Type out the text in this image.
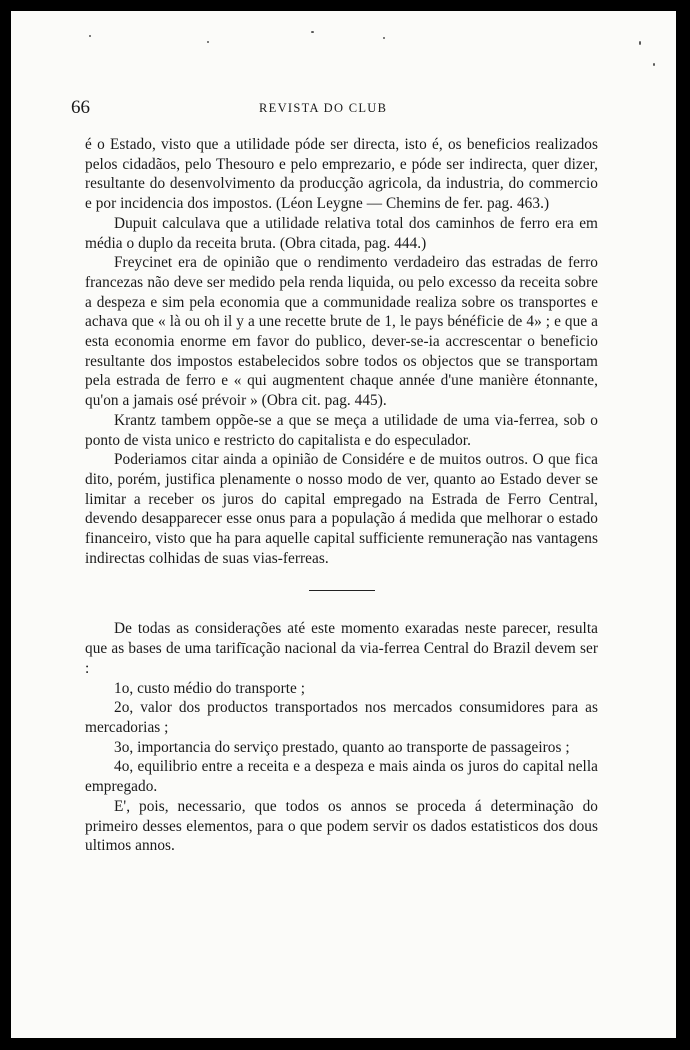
66	REVISTA DO CLUB

é o Estado, visto que a utilidade póde ser directa, isto é, os beneficios realizados pelos cidadãos, pelo Thesouro e pelo emprezario, e póde ser indirecta, quer dizer, resultante do desenvolvimento da producção agricola, da industria, do commercio e por incidencia dos impostos. (Léon Leygne — Chemins de fer. pag. 463.)

Dupuit calculava que a utilidade relativa total dos caminhos de ferro era em média o duplo da receita bruta. (Obra citada, pag. 444.)

Freycinet era de opinião que o rendimento verdadeiro das estradas de ferro francezas não deve ser medido pela renda liquida, ou pelo excesso da receita sobre a despeza e sim pela economia que a communidade realiza sobre os transportes e achava que « là ou oh il y a une recette brute de 1, le pays bénéficie de 4» ; e que a esta economia enorme em favor do publico, dever-se-ia accrescentar o beneficio resultante dos impostos estabelecidos sobre todos os objectos que se transportam pela estrada de ferro e « qui augmentent chaque année d'une manière étonnante, qu'on a jamais osé prévoir » (Obra cit. pag. 445).

Krantz tambem oppõe-se a que se meça a utilidade de uma via-ferrea, sob o ponto de vista unico e restricto do capitalista e do especulador.

Poderiamos citar ainda a opinião de Considére e de muitos outros. O que fica dito, porém, justifica plenamente o nosso modo de ver, quanto ao Estado dever se limitar a receber os juros do capital empregado na Estrada de Ferro Central, devendo desapparecer esse onus para a população á medida que melhorar o estado financeiro, visto que ha para aquelle capital sufficiente remuneração nas vantagens indirectas colhidas de suas vias-ferreas.

De todas as considerações até este momento exaradas neste parecer, resulta que as bases de uma tarifīcação nacional da via-ferrea Central do Brazil devem ser :

1o, custo médio do transporte ;

2o, valor dos productos transportados nos mercados consumidores para as mercadorias ;

3o, importancia do serviço prestado, quanto ao transporte de passageiros ;

4o, equilibrio entre a receita e a despeza e mais ainda os juros do capital nella empregado.

E', pois, necessario, que todos os annos se proceda á determinação do primeiro desses elementos, para o que podem servir os dados estatisticos dos dous ultimos annos.
